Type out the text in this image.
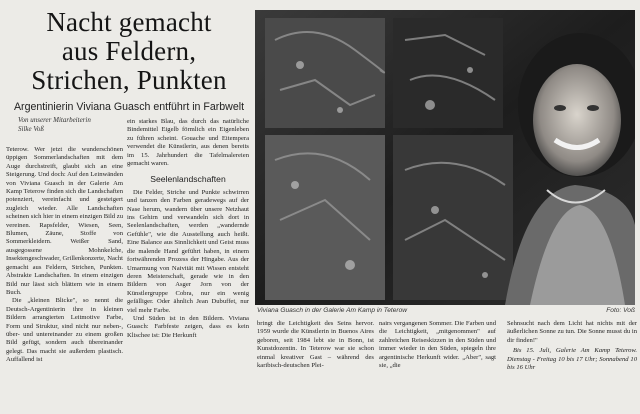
Nacht gemacht
aus Feldern,
Strichen, Punkten
Argentinierin Viviana Guasch entführt in Farbwelt
Von unserer Mitarbeiterin
Silke Voß

Teterow. Wer jetzt die wunderschönen üppigen Sommerlandschaften mit dem Auge durchstreift, glaubt sich an eine Steigerung. Und doch: Auf den Leinwänden von Viviana Guasch in der Galerie Am Kamp Teterow finden sich die Landschaften potenziert, vereinfacht und gesteigert zugleich wieder. Alle Landschaften scheinen sich hier in einem einzigen Bild zu vereinen. Rapsfelder, Wiesen, Seen, Blumen, Zäune, Stoffe von Sommerkleidern. Weißer Sand, ausgegossene Mohnkelche, Insektengeschwader, Grillenkonzerte, Nacht gemacht aus Feldern, Strichen, Punkten. Abstrakte Landschaften. In einem einzigen Bild nur lässt sich blättern wie in einem Buch.

Die „kleinen Blicke", so nennt die Deutsch-Argentinierin ihre in kleinen Bildern arrangierten Leitmotive Farbe, Form und Struktur, sind nicht nur neben-, über- und untereinander zu einem großen Bild gefügt, sondern auch übereinander gelegt. Das macht sie außerdem plastisch. Auffallend ist

ein starkes Blau, das durch das natürliche Bindemittel Eigelb förmlich ein Eigenleben zu führen scheint. Gouache und Eitempera verwendet die Künstlerin, aus denen bereits im 15. Jahrhundert die Tafelmalereien gemacht waren.

Seelenlandschaften

Die Felder, Striche und Punkte schwirren und tanzen den Farben geradewegs auf der Nase herum, wandern über unsere Netzhaut ins Gehirn und verwandeln sich dort in Seelenlandschaften, werden „wandernde Gefühle", wie die Ausstellung auch heißt. Eine Balance aus Sinnlichkeit und Geist muss die malende Hand geführt haben, in einem fortwährenden Prozess der Hingabe. Aus der Umarmung von Naivität mit Wissen entsteht deren Meisterschaft, gerade wie in den Bildern von Asger Jorn von der Künstlergruppe Cobra, nur ein wenig gefälliger. Oder ähnlich Jean Dubuffet, nur viel mehr Farbe.

Und Süden ist in den Bildern. Viviana Guasch: Farbfeste zeigen, dass es kein Klischee ist: Die Herkunft

Viviana Guasch in der Galerie Am Kamp in Teterow	Foto: Voß

bringt die Leichtigkeit des Seins hervor. 1959 wurde die Künstlerin in Buenos Aires geboren, seit 1984 lebt sie in Bonn, ist Kunstdozentin. In Teterow war sie schon einmal kreativer Gast – während des karibisch-deutschen Plei-

nairs vergangenen Sommer. Die Farben und die Leichtigkeit, „mitgenommen" auf zahlreichen Reiseskizzen in den Süden und immer wieder in den Süden, spiegeln ihre argentinische Herkunft wider. „Aber", sagt sie, „die

Sehnsucht nach dem Licht hat nichts mit der äußerlichen Sonne zu tun. Die Sonne musst du in dir finden!"

Bis 15. Juli, Galerie Am Kamp Teterow. Dienstag - Freitag 10 bis 17 Uhr; Sonnabend 10 bis 16 Uhr
